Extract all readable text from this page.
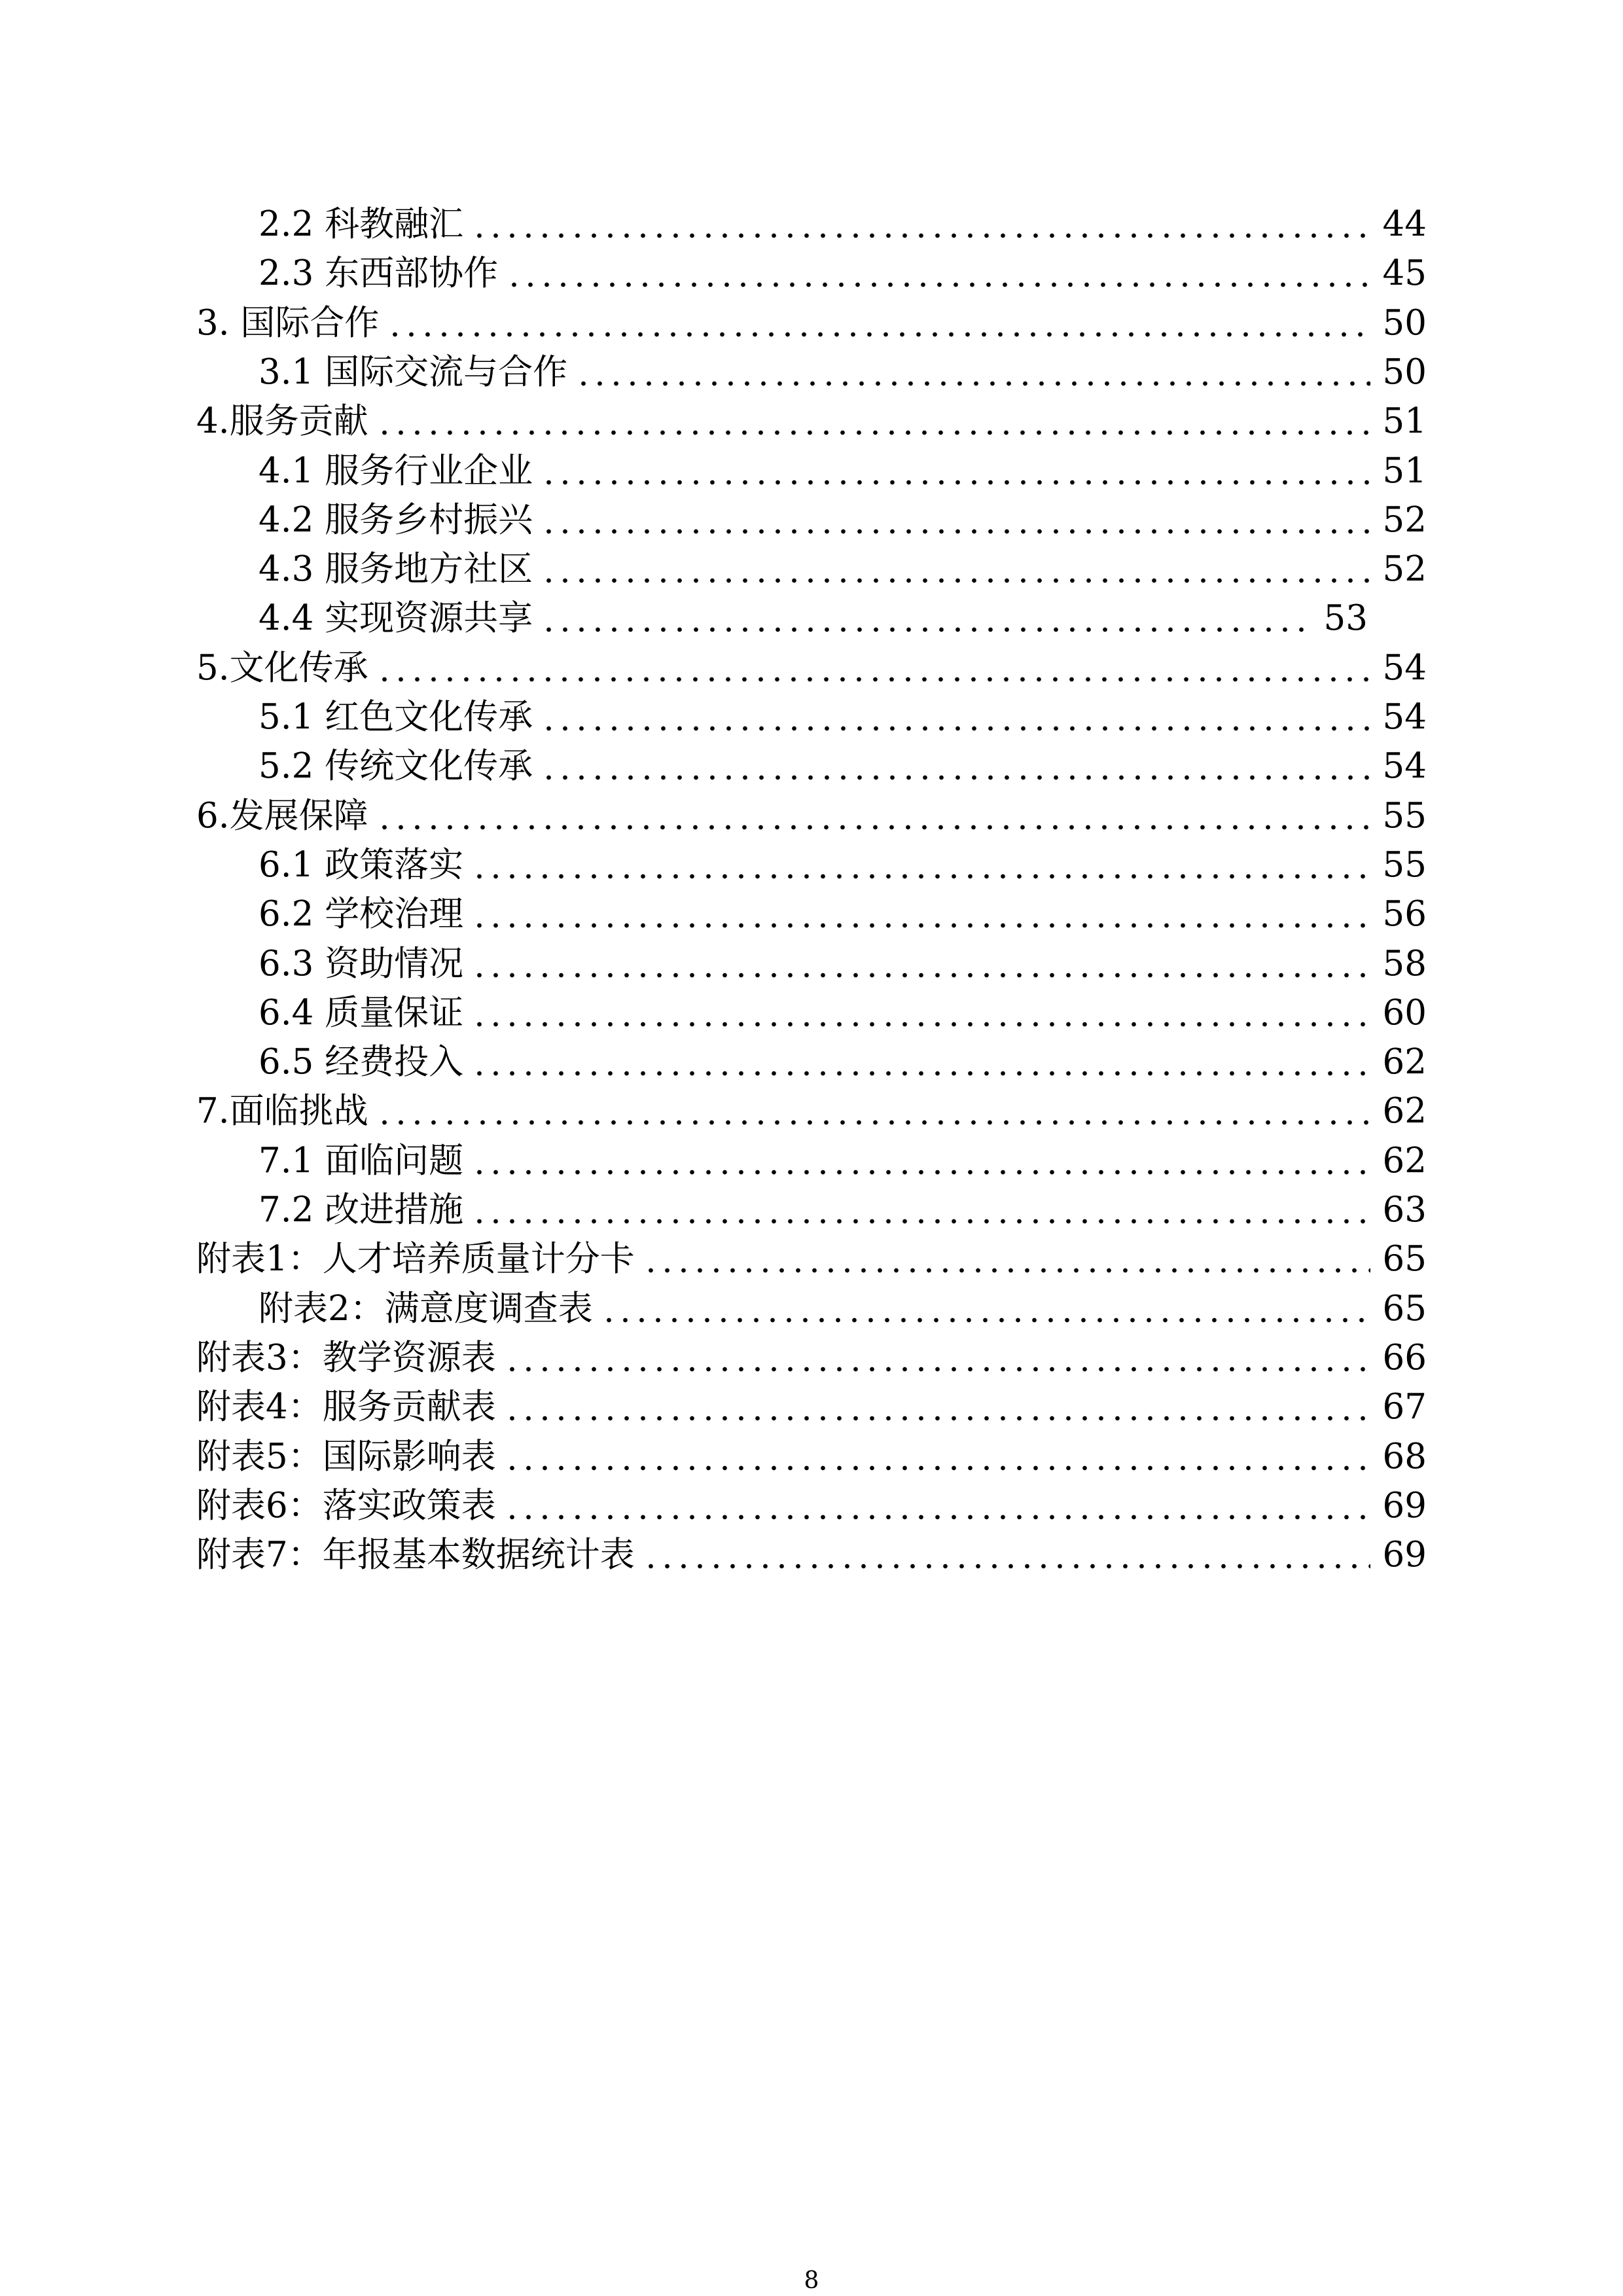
2.2 科教融汇	44
2.3 东西部协作	45
3. 国际合作	50
3.1 国际交流与合作	50
4.服务贡献	51
4.1 服务行业企业	51
4.2 服务乡村振兴	52
4.3 服务地方社区	52
4.4 实现资源共享	53
5.文化传承	54
5.1 红色文化传承	54
5.2 传统文化传承	54
6.发展保障	55
6.1 政策落实	55
6.2 学校治理	56
6.3 资助情况	58
6.4 质量保证	60
6.5 经费投入	62
7.面临挑战	62
7.1 面临问题	62
7.2 改进措施	63
附表1：人才培养质量计分卡	65
附表2：满意度调查表	65
附表3：教学资源表	66
附表4：服务贡献表	67
附表5：国际影响表	68
附表6：落实政策表	69
附表7：年报基本数据统计表	69
8
